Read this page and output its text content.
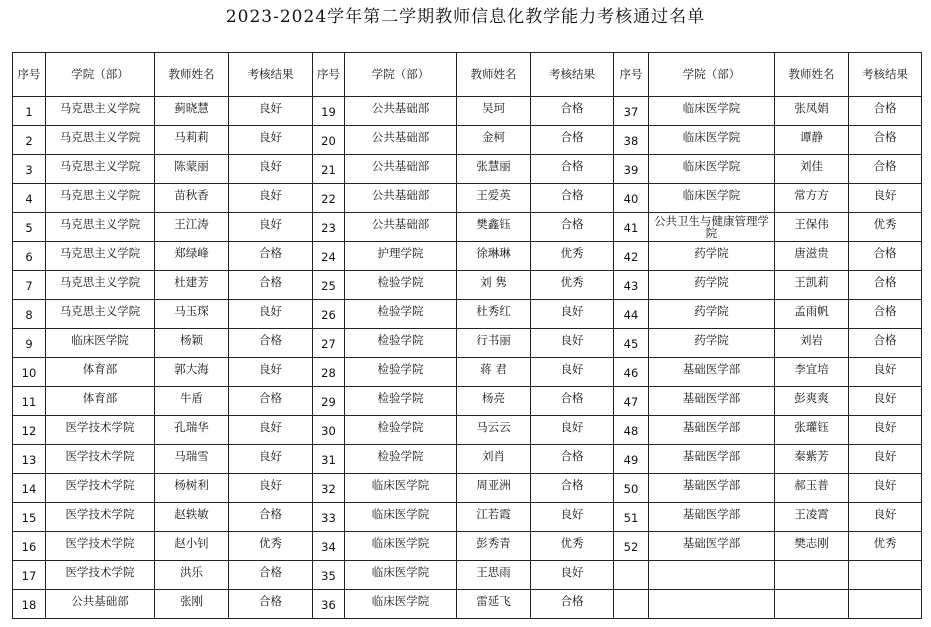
2023-2024学年第二学期教师信息化教学能力考核通过名单
序号	学院（部）	教师姓名	考核结果	序号	学院（部）	教师姓名	考核结果	序号	学院（部）	教师姓名	考核结果

1	马克思主义学院	蓟晓慧	良好	19	公共基础部	吴珂	合格	37	临床医学院	张凤娟	合格

2	马克思主义学院	马莉莉	良好	20	公共基础部	金柯	合格	38	临床医学院	谭静	合格

3	马克思主义学院	陈蒙丽	良好	21	公共基础部	张慧丽	合格	39	临床医学院	刘佳	合格

4	马克思主义学院	苗秋香	良好	22	公共基础部	王爱英	合格	40	临床医学院	常方方	良好

5	马克思主义学院	王江涛	良好	23	公共基础部	樊鑫钰	合格	41	公共卫生与健康管理学院	王保伟	优秀

6	马克思主义学院	郑绿峰	合格	24	护理学院	徐琳琳	优秀	42	药学院	唐滋贵	合格

7	马克思主义学院	杜建芳	合格	25	检验学院	刘 隽	优秀	43	药学院	王凯莉	合格

8	马克思主义学院	马玉琛	良好	26	检验学院	杜秀红	良好	44	药学院	孟雨帆	合格

9	临床医学院	杨颖	合格	27	检验学院	行书丽	良好	45	药学院	刘岩	合格

10	体育部	郭大海	良好	28	检验学院	蒋 君	良好	46	基础医学部	李宜培	良好

11	体育部	牛盾	合格	29	检验学院	杨亮	合格	47	基础医学部	彭爽爽	良好

12	医学技术学院	孔瑞华	良好	30	检验学院	马云云	良好	48	基础医学部	张瓘钰	良好

13	医学技术学院	马瑞雪	良好	31	检验学院	刘肖	合格	49	基础医学部	秦紫芳	良好

14	医学技术学院	杨树利	良好	32	临床医学院	周亚洲	合格	50	基础医学部	郝玉普	良好

15	医学技术学院	赵轶敏	合格	33	临床医学院	江若霞	良好	51	基础医学部	王凌霄	良好

16	医学技术学院	赵小钊	优秀	34	临床医学院	彭秀青	优秀	52	基础医学部	樊志刚	优秀

17	医学技术学院	洪乐	合格	35	临床医学院	王思雨	良好				

18	公共基础部	张刚	合格	36	临床医学院	雷延飞	合格				
